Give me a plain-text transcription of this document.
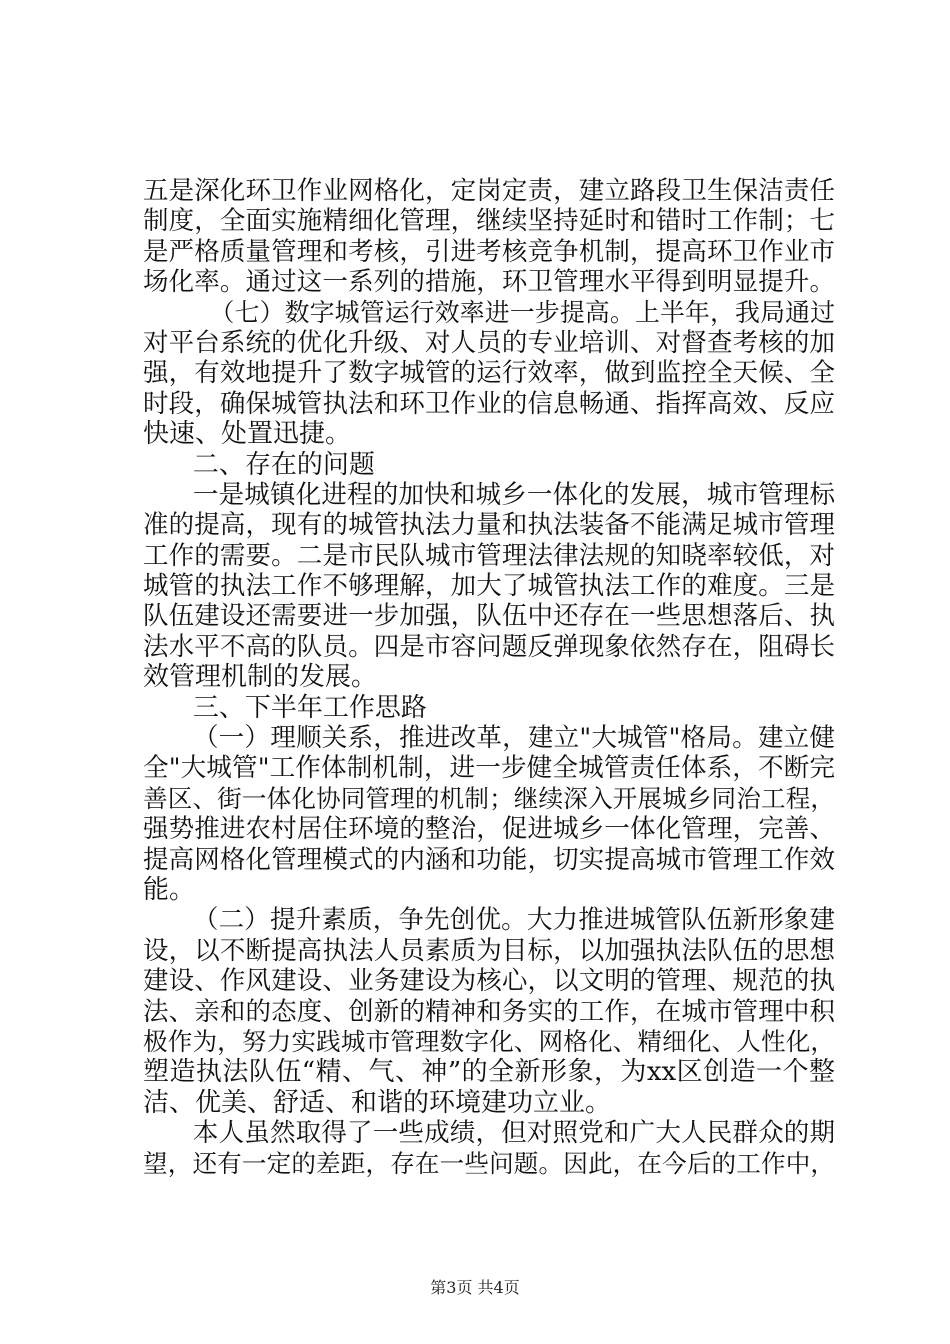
五是深化环卫作业网格化，定岗定责，建立路段卫生保洁责任
制度，全面实施精细化管理，继续坚持延时和错时工作制；七
是严格质量管理和考核，引进考核竞争机制，提高环卫作业市
场化率。通过这一系列的措施，环卫管理水平得到明显提升。
（七）数字城管运行效率进一步提高。上半年，我局通过
对平台系统的优化升级、对人员的专业培训、对督查考核的加
强，有效地提升了数字城管的运行效率，做到监控全天候、全
时段，确保城管执法和环卫作业的信息畅通、指挥高效、反应
快速、处置迅捷。
二、存在的问题
一是城镇化进程的加快和城乡一体化的发展，城市管理标
准的提高，现有的城管执法力量和执法装备不能满足城市管理
工作的需要。二是市民队城市管理法律法规的知晓率较低，对
城管的执法工作不够理解，加大了城管执法工作的难度。三是
队伍建设还需要进一步加强，队伍中还存在一些思想落后、执
法水平不高的队员。四是市容问题反弹现象依然存在，阻碍长
效管理机制的发展。
三、下半年工作思路
（一）理顺关系，推进改革，建立"大城管"格局。建立健
全"大城管"工作体制机制，进一步健全城管责任体系，不断完
善区、街一体化协同管理的机制；继续深入开展城乡同治工程，
强势推进农村居住环境的整治，促进城乡一体化管理，完善、
提高网格化管理模式的内涵和功能，切实提高城市管理工作效
能。
（二）提升素质，争先创优。大力推进城管队伍新形象建
设，以不断提高执法人员素质为目标，以加强执法队伍的思想
建设、作风建设、业务建设为核心，以文明的管理、规范的执
法、亲和的态度、创新的精神和务实的工作，在城市管理中积
极作为，努力实践城市管理数字化、网格化、精细化、人性化，
塑造执法队伍“精、气、神”的全新形象，为xx区创造一个整
洁、优美、舒适、和谐的环境建功立业。
本人虽然取得了一些成绩，但对照党和广大人民群众的期
望，还有一定的差距，存在一些问题。因此，在今后的工作中，
第3页 共4页
